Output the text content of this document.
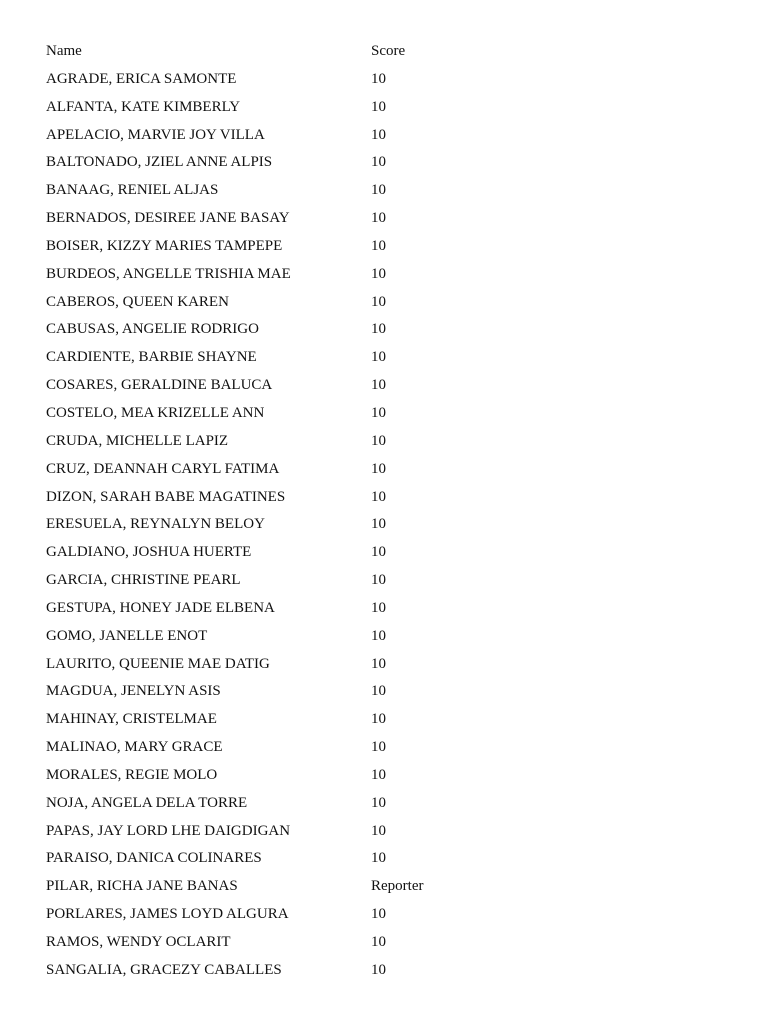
Name	Score
AGRADE, ERICA SAMONTE	10
ALFANTA, KATE KIMBERLY	10
APELACIO, MARVIE JOY VILLA	10
BALTONADO, JZIEL ANNE ALPIS	10
BANAAG, RENIEL ALJAS	10
BERNADOS, DESIREE JANE BASAY	10
BOISER, KIZZY MARIES TAMPEPE	10
BURDEOS, ANGELLE TRISHIA MAE	10
CABEROS, QUEEN KAREN	10
CABUSAS, ANGELIE RODRIGO	10
CARDIENTE, BARBIE SHAYNE	10
COSARES, GERALDINE BALUCA	10
COSTELO, MEA KRIZELLE ANN	10
CRUDA, MICHELLE LAPIZ	10
CRUZ, DEANNAH CARYL FATIMA	10
DIZON, SARAH BABE MAGATINES	10
ERESUELA, REYNALYN BELOY	10
GALDIANO, JOSHUA HUERTE	10
GARCIA, CHRISTINE PEARL	10
GESTUPA, HONEY JADE ELBENA	10
GOMO, JANELLE ENOT	10
LAURITO, QUEENIE MAE DATIG	10
MAGDUA, JENELYN ASIS	10
MAHINAY, CRISTELMAE	10
MALINAO, MARY GRACE	10
MORALES, REGIE MOLO	10
NOJA, ANGELA DELA TORRE	10
PAPAS, JAY LORD LHE DAIGDIGAN	10
PARAISO, DANICA COLINARES	10
PILAR, RICHA JANE BANAS	Reporter
PORLARES, JAMES LOYD ALGURA	10
RAMOS, WENDY OCLARIT	10
SANGALIA, GRACEZY CABALLES	10
